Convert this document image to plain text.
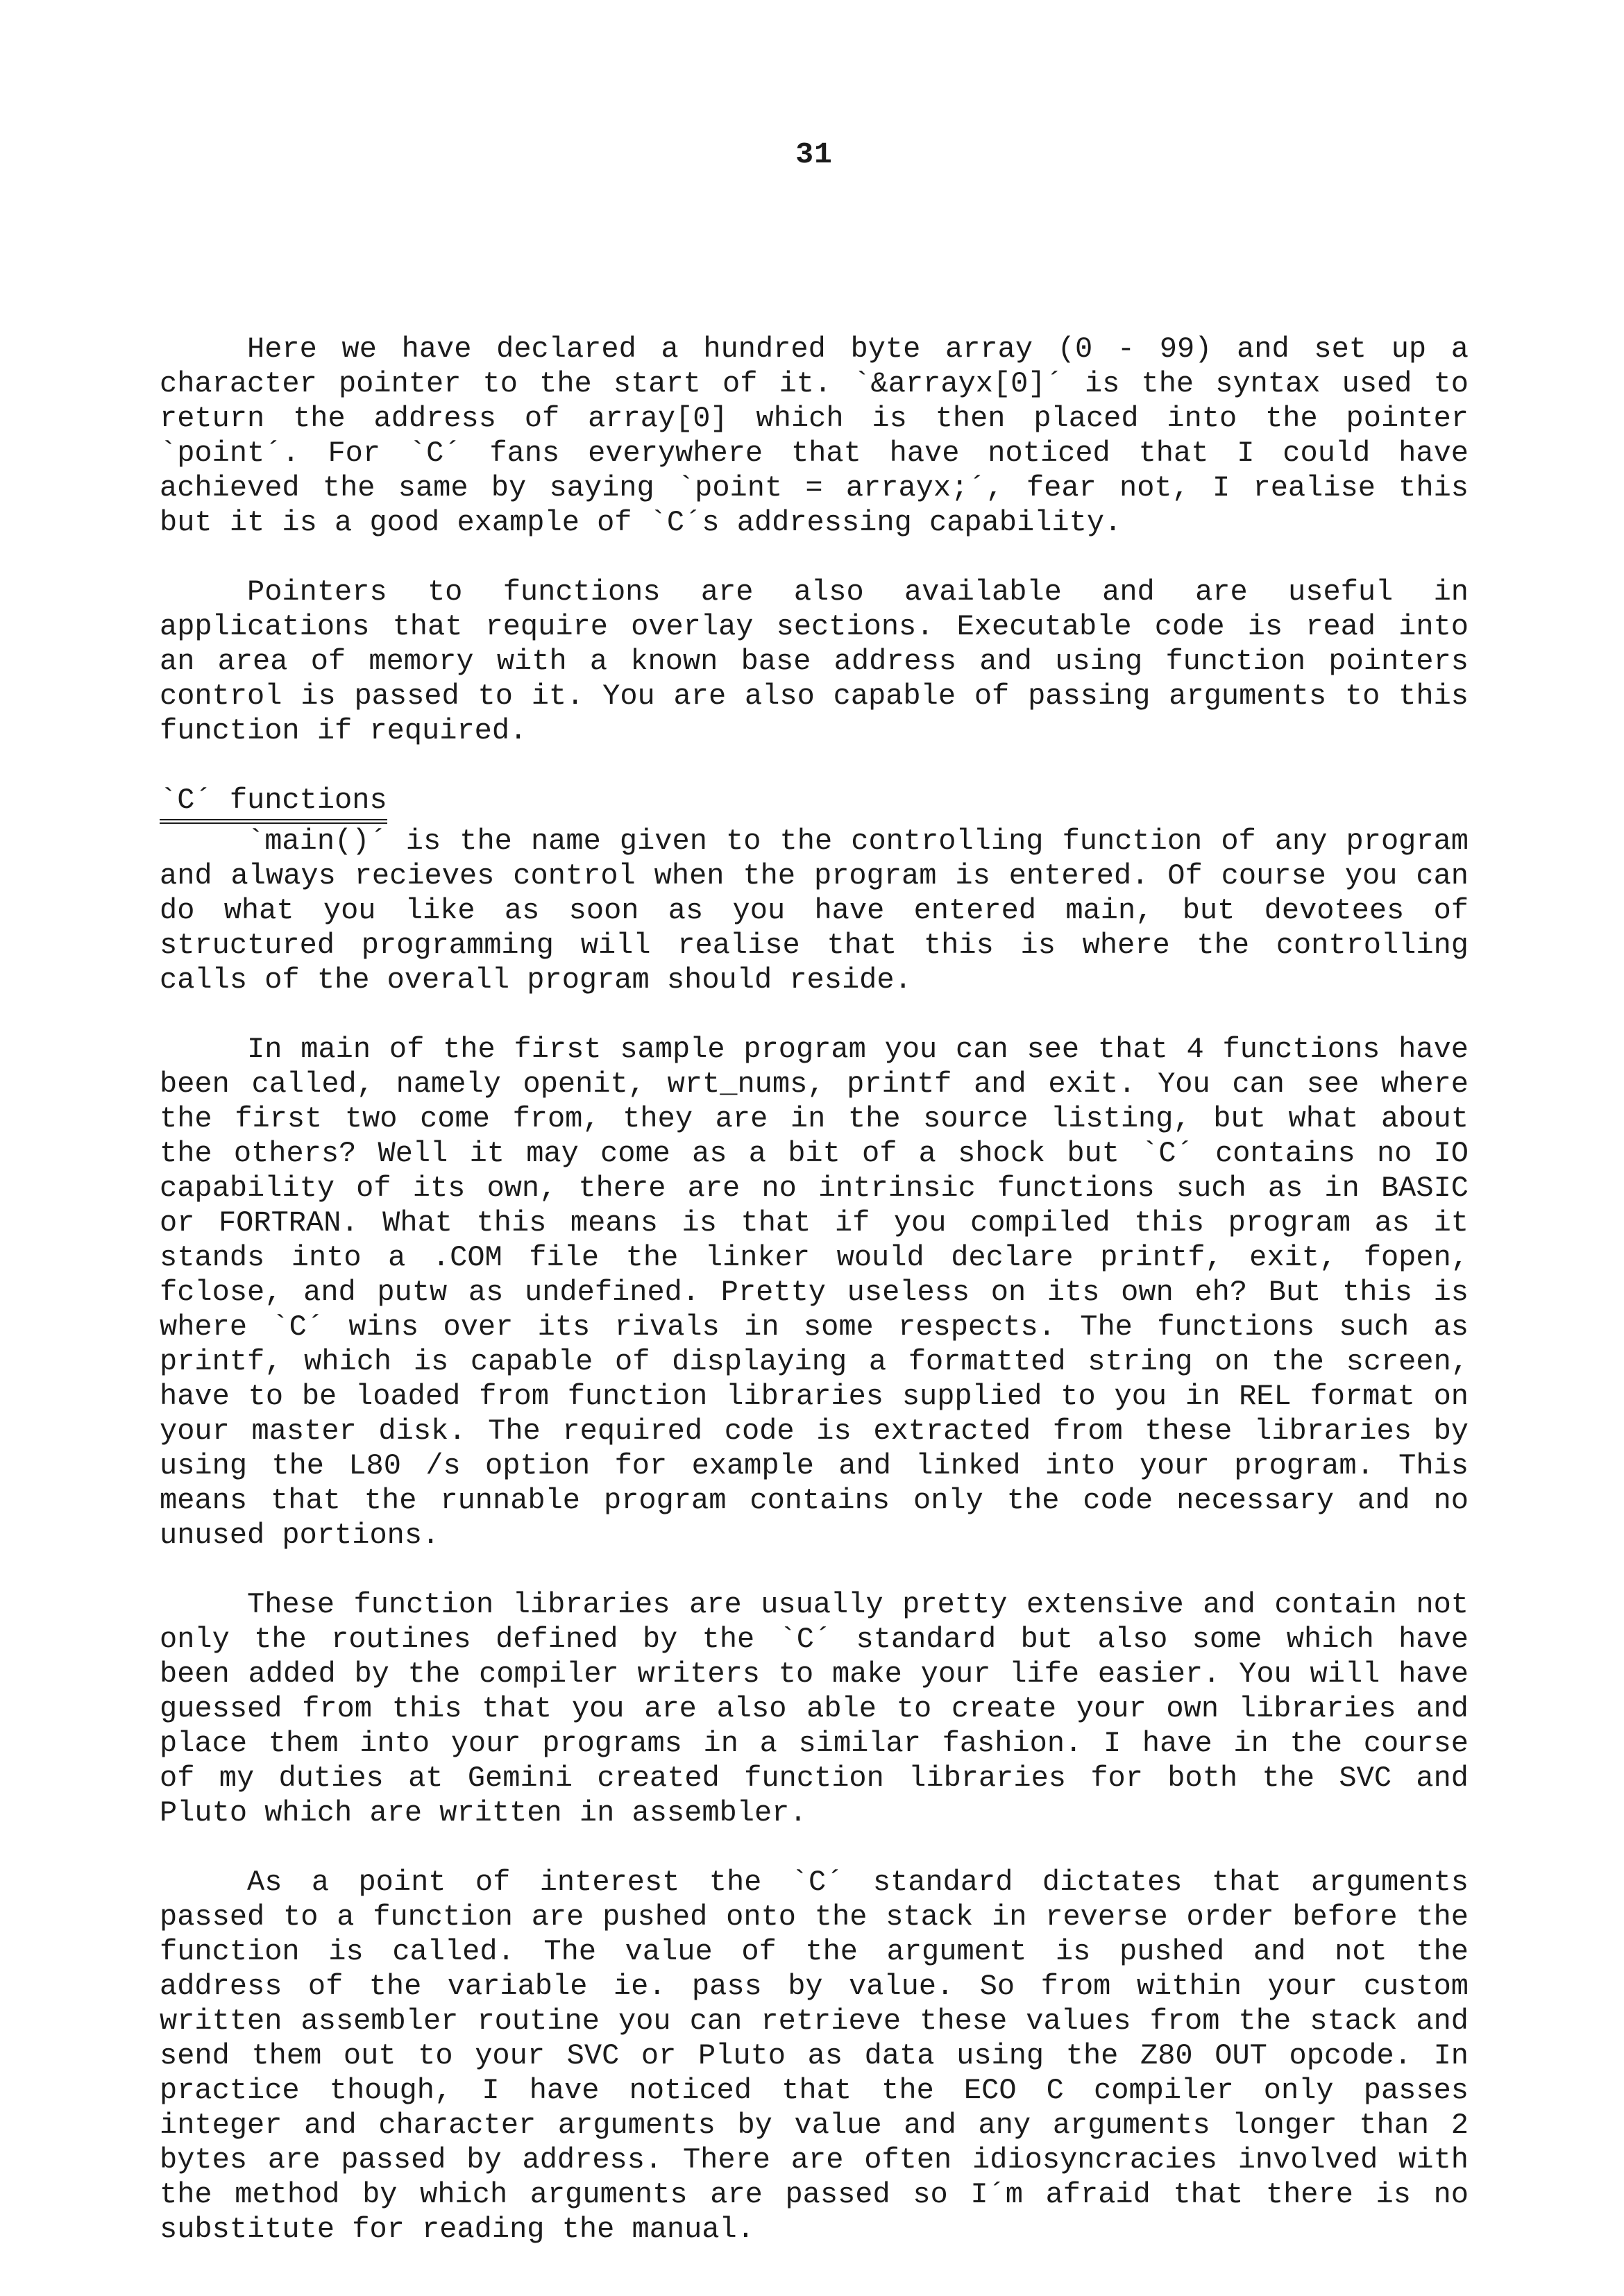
31

Here we have declared a hundred byte array (0 - 99) and set up a character pointer to the start of it. `&arrayx[0]´ is the syntax used to return the address of array[0] which is then placed into the pointer `point´. For `C´ fans everywhere that have noticed that I could have achieved the same by saying `point = arrayx;´, fear not, I realise this but it is a good example of `C´s addressing capability.

Pointers to functions are also available and are useful in applications that require overlay sections. Executable code is read into an area of memory with a known base address and using function pointers control is passed to it. You are also capable of passing arguments to this function if required.

`C´ functions

`main()´ is the name given to the controlling function of any program and always recieves control when the program is entered. Of course you can do what you like as soon as you have entered main, but devotees of structured programming will realise that this is where the controlling calls of the overall program should reside.

In main of the first sample program you can see that 4 functions have been called, namely openit, wrt_nums, printf and exit. You can see where the first two come from, they are in the source listing, but what about the others? Well it may come as a bit of a shock but `C´ contains no IO capability of its own, there are no intrinsic functions such as in BASIC or FORTRAN. What this means is that if you compiled this program as it stands into a .COM file the linker would declare printf, exit, fopen, fclose, and putw as undefined. Pretty useless on its own eh? But this is where `C´ wins over its rivals in some respects. The functions such as printf, which is capable of displaying a formatted string on the screen, have to be loaded from function libraries supplied to you in REL format on your master disk. The required code is extracted from these libraries by using the L80 /s option for example and linked into your program. This means that the runnable program contains only the code necessary and no unused portions.

These function libraries are usually pretty extensive and contain not only the routines defined by the `C´ standard but also some which have been added by the compiler writers to make your life easier. You will have guessed from this that you are also able to create your own libraries and place them into your programs in a similar fashion. I have in the course of my duties at Gemini created function libraries for both the SVC and Pluto which are written in assembler.

As a point of interest the `C´ standard dictates that arguments passed to a function are pushed onto the stack in reverse order before the function is called. The value of the argument is pushed and not the address of the variable ie. pass by value. So from within your custom written assembler routine you can retrieve these values from the stack and send them out to your SVC or Pluto as data using the Z80 OUT opcode. In practice though, I have noticed that the ECO C compiler only passes integer and character arguments by value and any arguments longer than 2 bytes are passed by address. There are often idiosyncracies involved with the method by which arguments are passed so I´m afraid that there is no substitute for reading the manual.
